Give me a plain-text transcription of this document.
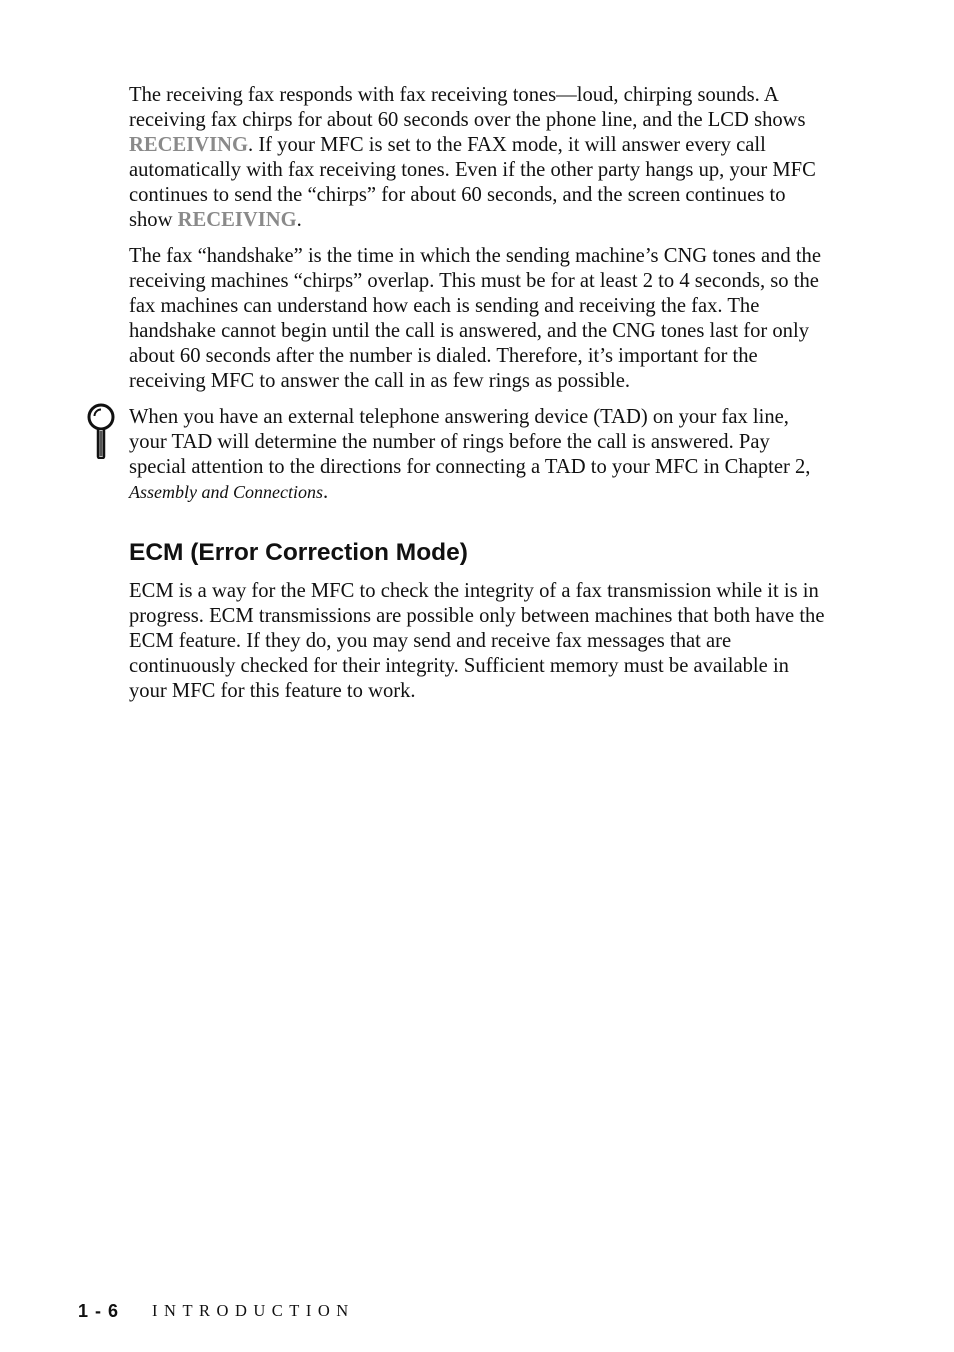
The receiving fax responds with fax receiving tones—loud, chirping sounds. A receiving fax chirps for about 60 seconds over the phone line, and the LCD shows RECEIVING. If your MFC is set to the FAX mode, it will answer every call automatically with fax receiving tones. Even if the other party hangs up, your MFC continues to send the “chirps” for about 60 seconds, and the screen continues to show RECEIVING.

The fax “handshake” is the time in which the sending machine’s CNG tones and the receiving machines “chirps” overlap. This must be for at least 2 to 4 seconds, so the fax machines can understand how each is sending and receiving the fax. The handshake cannot begin until the call is answered, and the CNG tones last for only about 60 seconds after the number is dialed. Therefore, it’s important for the receiving MFC to answer the call in as few rings as possible.

When you have an external telephone answering device (TAD) on your fax line, your TAD will determine the number of rings before the call is answered. Pay special attention to the directions for connecting a TAD to your MFC in Chapter 2, Assembly and Connections.

ECM (Error Correction Mode)

ECM is a way for the MFC to check the integrity of a fax transmission while it is in progress. ECM transmissions are possible only between machines that both have the ECM feature. If they do, you may send and receive fax messages that are continuously checked for their integrity. Sufficient memory must be available in your MFC for this feature to work.

1 - 6 INTRODUCTION
